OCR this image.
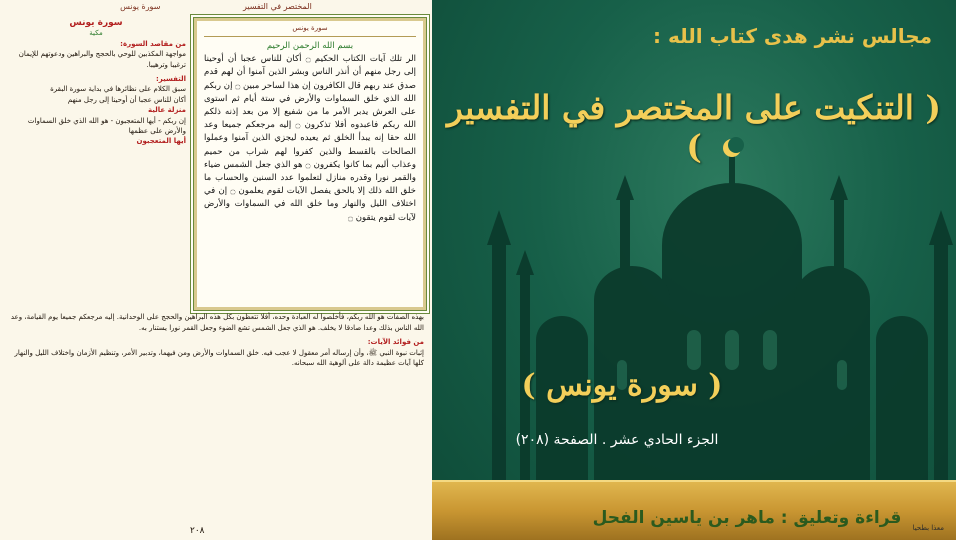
المختصر في التفسير سورة يونس
سورة يونس
بسم الله الرحمن الرحيم
الر تلك آيات الكتاب الحكيم ۝ أكان للناس عجبا أن أوحينا إلى رجل منهم أن أنذر الناس وبشر الذين آمنوا أن لهم قدم صدق عند ربهم قال الكافرون إن هذا لساحر مبين ۝ إن ربكم الله الذي خلق السماوات والأرض في ستة أيام ثم استوى على العرش يدبر الأمر ما من شفيع إلا من بعد إذنه ذلكم الله ربكم فاعبدوه أفلا تذكرون ۝ إليه مرجعكم جميعا وعد الله حقا إنه يبدأ الخلق ثم يعيده ليجزي الذين آمنوا وعملوا الصالحات بالقسط والذين كفروا لهم شراب من حميم وعذاب أليم بما كانوا يكفرون ۝ هو الذي جعل الشمس ضياء والقمر نورا وقدره منازل لتعلموا عدد السنين والحساب ما خلق الله ذلك إلا بالحق يفصل الآيات لقوم يعلمون ۝ إن في اختلاف الليل والنهار وما خلق الله في السماوات والأرض لآيات لقوم يتقون ۝
سورة يونس
مكية
من مقاصد السورة:
مواجهة المكذبين للوحي بالحجج والبراهين ودعوتهم للإيمان ترغيبا وترهيبا.
التفسير:
سبق الكلام على نظائرها في بداية سورة البقرة
أكان للناس عجبا أن أوحينا إلى رجل منهم
منزلة عالية
إن ربكم - أيها المتعجبون - هو الله الذي خلق السماوات والأرض على عظمها
أيها المتعجبون
بهذه الصفات هو الله ربكم، فأخلصوا له العبادة وحده، أفلا تتعظون بكل هذه البراهين والحجج على الوحدانية. إليه مرجعكم جميعا يوم القيامة، وعد الله الناس بذلك وعدا صادقا لا يخلف. هو الذي جعل الشمس تشع الضوء وجعل القمر نورا يستنار به.
من فوائد الآيات:
إثبات نبوة النبي ﷺ، وأن إرساله أمر معقول لا عجب فيه. خلق السماوات والأرض ومن فيهما، وتدبير الأمر، وتنظيم الأزمان واختلاف الليل والنهار كلها آيات عظيمة دالة على ألوهية الله سبحانه.
٢٠٨
مجالس نشر هدى كتاب الله :
( التنكيت على المختصر في التفسير )
( سورة يونس )
الجزء الحادي عشر . الصفحة (٢٠٨)
قراءة وتعليق : ماهر بن ياسين الفحل	معذا بطحيا
